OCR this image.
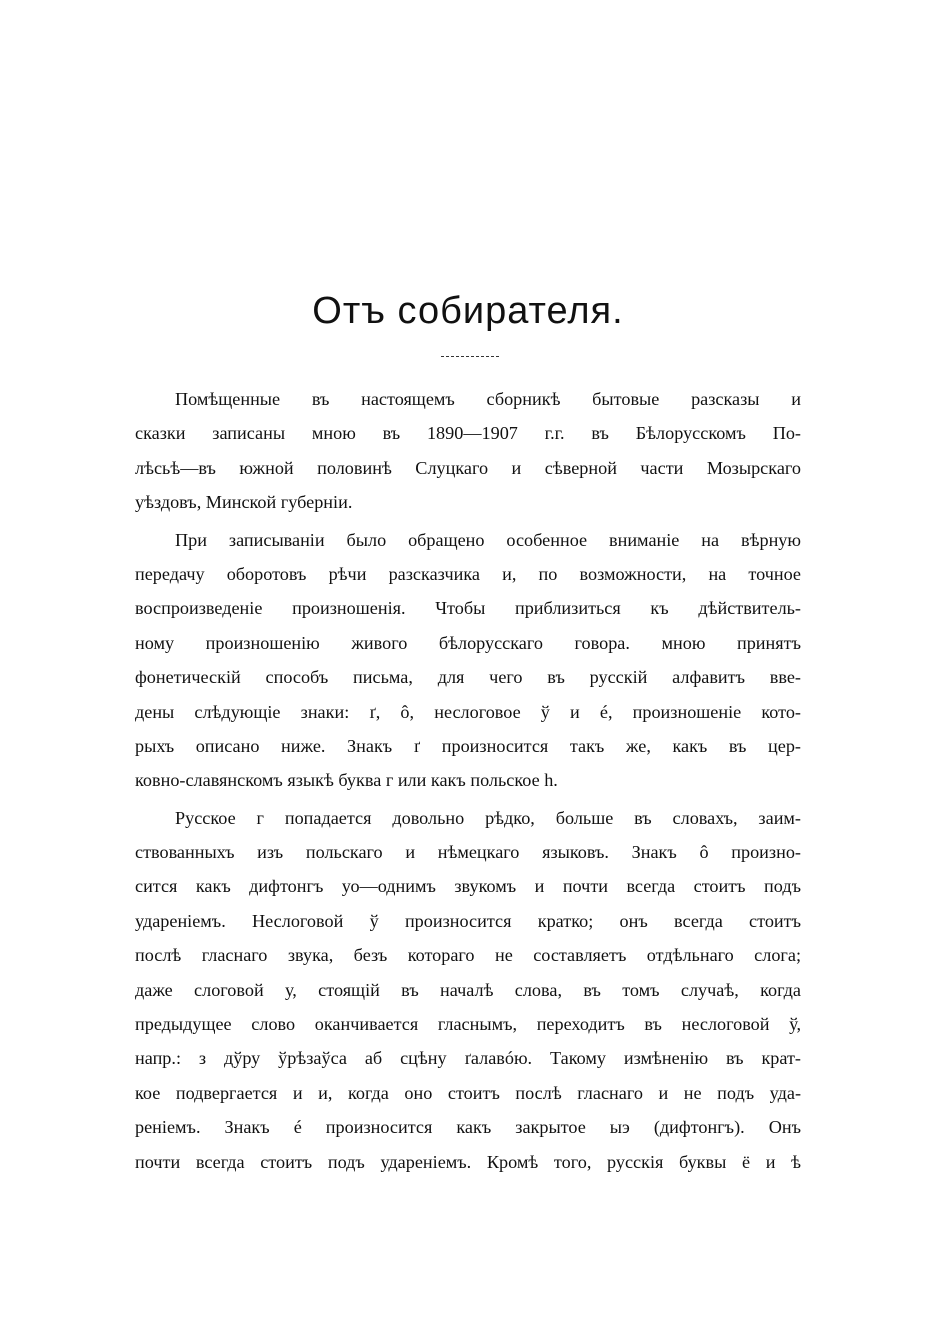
Отъ собирателя.
Помѣщенные въ настоящемъ сборникѣ бытовые разсказы и
сказки записаны мною въ 1890—1907 г.г. въ Бѣлорусскомъ По-
лѣсьѣ—въ южной половинѣ Слуцкаго и сѣверной части Мозырскаго
уѣздовъ, Минской губерніи.
При записываніи было обращено особенное вниманіе на вѣрную
передачу оборотовъ рѣчи разсказчика и, по возможности, на точное
воспроизведеніе произношенія. Чтобы приблизиться къ дѣйствитель-
ному произношенію живого бѣлорусскаго говора. мною принятъ
фонетическій способъ письма, для чего въ русскій алфавитъ вве-
дены слѣдующіе знаки: ґ, ô, неслоговое ў и é, произношеніе кото-
рыхъ описано ниже. Знакъ ґ произносится такъ же, какъ въ цер-
ковно-славянскомъ языкѣ буква г или какъ польское h.
Русское г попадается довольно рѣдко, больше въ словахъ, заим-
ствованныхъ изъ польскаго и нѣмецкаго языковъ. Знакъ ô произно-
сится какъ дифтонгъ уо—однимъ звукомъ и почти всегда стоитъ подъ
удареніемъ. Неслоговой ў произносится кратко; онъ всегда стоитъ
послѣ гласнаго звука, безъ котораго не составляетъ отдѣльнаго слога;
даже слоговой у, стоящій въ началѣ слова, въ томъ случаѣ, когда
предыдущее слово оканчивается гласнымъ, переходитъ въ неслоговой ў,
напр.: з дўру ўрѣзаўса аб сцѣну ґалавóю. Такому измѣненію въ крат-
кое подвергается и и, когда оно стоитъ послѣ гласнаго и не подъ уда-
реніемъ. Знакъ é произносится какъ закрытое ыэ (дифтонгъ). Онъ
почти всегда стоитъ подъ удареніемъ. Кромѣ того, русскія буквы ё и ѣ
